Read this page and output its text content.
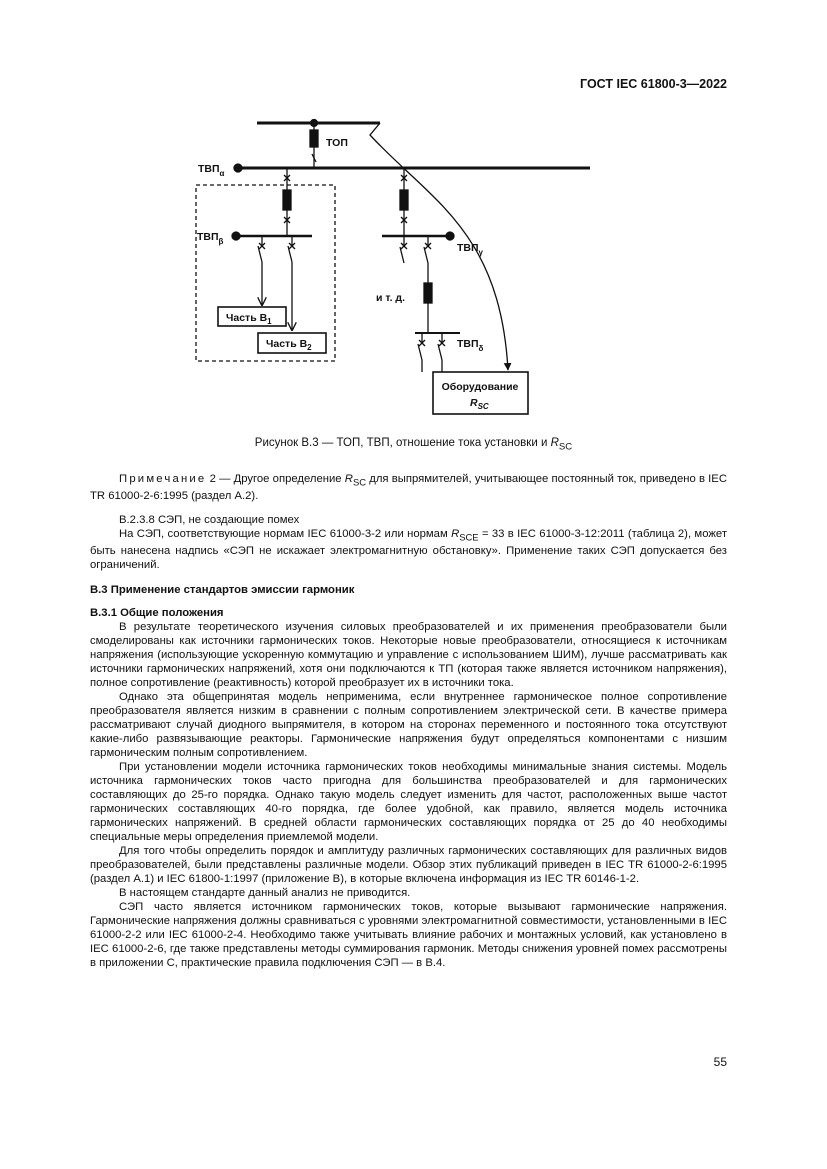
ГОСТ IEC 61800-3—2022
ТОП
$ТВП_\alpha$
$ТВП_\beta$
$ТВП_\gamma$
$ТВП_\delta$
и т. д.
Часть $В_1$
Часть $В_2$
Оборудование
$R_{SC}$
Рисунок В.3 — ТОП, ТВП, отношение тока установки и $R_{SC}$

Примечание 2 — Другое определение $R_{SC}$ для выпрямителей, учитывающее постоянный ток, приведено в IEC TR 61000-2-6:1995 (раздел А.2).

В.2.3.8 СЭП, не создающие помех

На СЭП, соответствующие нормам IEC 61000-3-2 или нормам $R_{SCE} = 33$ в IEC 61000-3-12:2011 (таблица 2), может быть нанесена надпись «СЭП не искажает электромагнитную обстановку». Применение таких СЭП допускается без ограничений.

В.3 Применение стандартов эмиссии гармоник

В.3.1 Общие положения

В результате теоретического изучения силовых преобразователей и их применения преобразователи были смоделированы как источники гармонических токов. Некоторые новые преобразователи, относящиеся к источникам напряжения (использующие ускоренную коммутацию и управление с использованием ШИМ), лучше рассматривать как источники гармонических напряжений, хотя они подключаются к ТП (которая также является источником напряжения), полное сопротивление (реактивность) которой преобразует их в источники тока.

Однако эта общепринятая модель неприменима, если внутреннее гармоническое полное сопротивление преобразователя является низким в сравнении с полным сопротивлением электрической сети. В качестве примера рассматривают случай диодного выпрямителя, в котором на сторонах переменного и постоянного тока отсутствуют какие-либо развязывающие реакторы. Гармонические напряжения будут определяться компонентами с низшим гармоническим полным сопротивлением.

При установлении модели источника гармонических токов необходимы минимальные знания системы. Модель источника гармонических токов часто пригодна для большинства преобразователей и для гармонических составляющих до 25-го порядка. Однако такую модель следует изменить для частот, расположенных выше частот гармонических составляющих 40-го порядка, где более удобной, как правило, является модель источника гармонических напряжений. В средней области гармонических составляющих порядка от 25 до 40 необходимы специальные меры определения приемлемой модели.

Для того чтобы определить порядок и амплитуду различных гармонических составляющих для различных видов преобразователей, были представлены различные модели. Обзор этих публикаций приведен в IEC TR 61000-2-6:1995 (раздел А.1) и IEC 61800-1:1997 (приложение В), в которые включена информация из IEC TR 60146-1-2.

В настоящем стандарте данный анализ не приводится.

СЭП часто является источником гармонических токов, которые вызывают гармонические напряжения. Гармонические напряжения должны сравниваться с уровнями электромагнитной совместимости, установленными в IEC 61000-2-2 или IEC 61000-2-4. Необходимо также учитывать влияние рабочих и монтажных условий, как установлено в IEC 61000-2-6, где также представлены методы суммирования гармоник. Методы снижения уровней помех рассмотрены в приложении С, практические правила подключения СЭП — в В.4.

55
